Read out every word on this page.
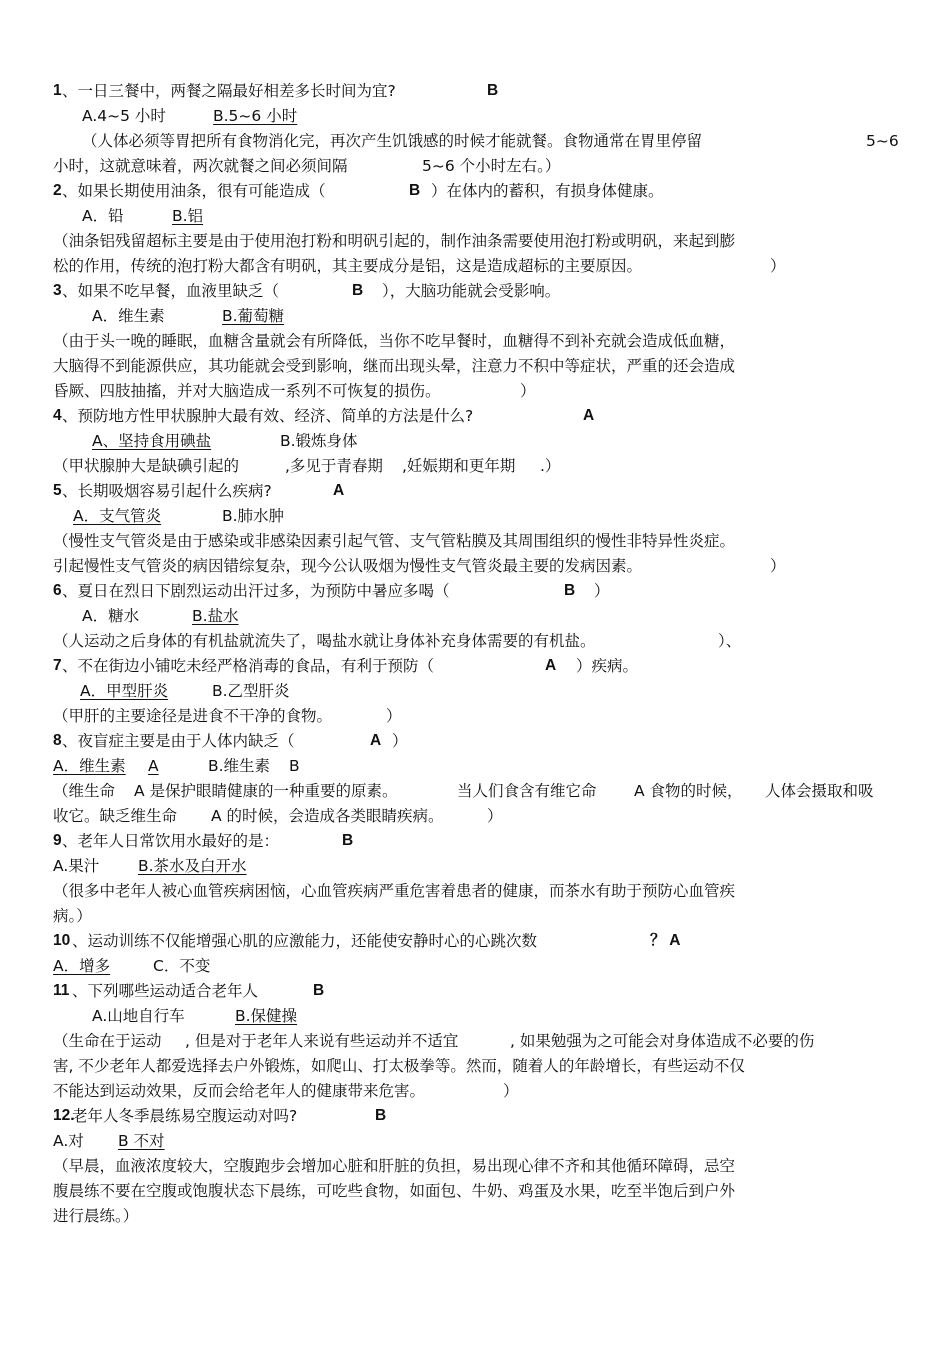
1 、一日三餐中，两餐之隔最好相差多长时间为宜?	B
A.4~5 小时	B.5~6 小时
（人体必须等胃把所有食物消化完，再次产生饥饿感的时候才能就餐。食物通常在胃里停留	5~6
小时，这就意味着，两次就餐之间必须间隔	5~6 个小时左右。）
2 、如果长期使用油条，很有可能造成（	B ）在体内的蓄积，有损身体健康。
A．铅	B.铝
（油条铝残留超标主要是由于使用泡打粉和明矾引起的，制作油条需要使用泡打粉或明矾，来起到膨
松的作用，传统的泡打粉大都含有明矾，其主要成分是铝，这是造成超标的主要原因。	）
3 、如果不吃早餐，血液里缺乏（	B ），大脑功能就会受影响。
A．维生素	B.葡萄糖
（由于头一晚的睡眠，血糖含量就会有所降低，当你不吃早餐时，血糖得不到补充就会造成低血糖，
大脑得不到能源供应，其功能就会受到影响，继而出现头晕，注意力不积中等症状，严重的还会造成
昏厥、四肢抽搐，并对大脑造成一系列不可恢复的损伤。	）
4 、预防地方性甲状腺肿大最有效、经济、简单的方法是什么?	A
A、坚持食用碘盐	B.锻炼身体
（甲状腺肿大是缺碘引起的	,多见于青春期 ,妊娠期和更年期 .）
5 、长期吸烟容易引起什么疾病?	A
A．支气管炎	B.肺水肿
（慢性支气管炎是由于感染或非感染因素引起气管、支气管粘膜及其周围组织的慢性非特异性炎症。
引起慢性支气管炎的病因错综复杂，现今公认吸烟为慢性支气管炎最主要的发病因素。	）
6 、夏日在烈日下剧烈运动出汗过多，为预防中暑应多喝（	B ）
A．糖水	B.盐水
（人运动之后身体的有机盐就流失了，喝盐水就让身体补充身体需要的有机盐。	）、
7 、不在街边小铺吃未经严格消毒的食品，有利于预防（	A ）疾病。
A．甲型肝炎	B.乙型肝炎
（甲肝的主要途径是进食不干净的食物。	）
8 、夜盲症主要是由于人体内缺乏（	A ）
A．维生素 A	B.维生素 B
（维生命 A 是保护眼睛健康的一种重要的原素。	当人们食含有维它命 A 食物的时候， 人体会摄取和吸
收它。缺乏维生命 A 的时候，会造成各类眼睛疾病。	）
9 、老年人日常饮用水最好的是：	B
A.果汁 B.茶水及白开水
（很多中老年人被心血管疾病困恼，心血管疾病严重危害着患者的健康，而茶水有助于预防心血管疾
病。）
10 、运动训练不仅能增强心肌的应激能力，还能使安静时心的心跳次数	？ A
A．增多	C．不变
11 、下列哪些运动适合老年人	B
A.山地自行车	B.保健操
（生命在于运动 , 但是对于老年人来说有些运动并不适宜	, 如果勉强为之可能会对身体造成不必要的伤
害, 不少老年人都爱选择去户外锻炼，如爬山、打太极拳等。然而，随着人的年龄增长，有些运动不仅
不能达到运动效果，反而会给老年人的健康带来危害。	）
12.
老年人冬季晨练易空腹运动对吗?	B
A.对 B 不对
（早晨，血液浓度较大，空腹跑步会增加心脏和肝脏的负担，易出现心律不齐和其他循环障碍，忌空
腹晨练不要在空腹或饱腹状态下晨练，可吃些食物，如面包、牛奶、鸡蛋及水果，吃至半饱后到户外
进行晨练。）
